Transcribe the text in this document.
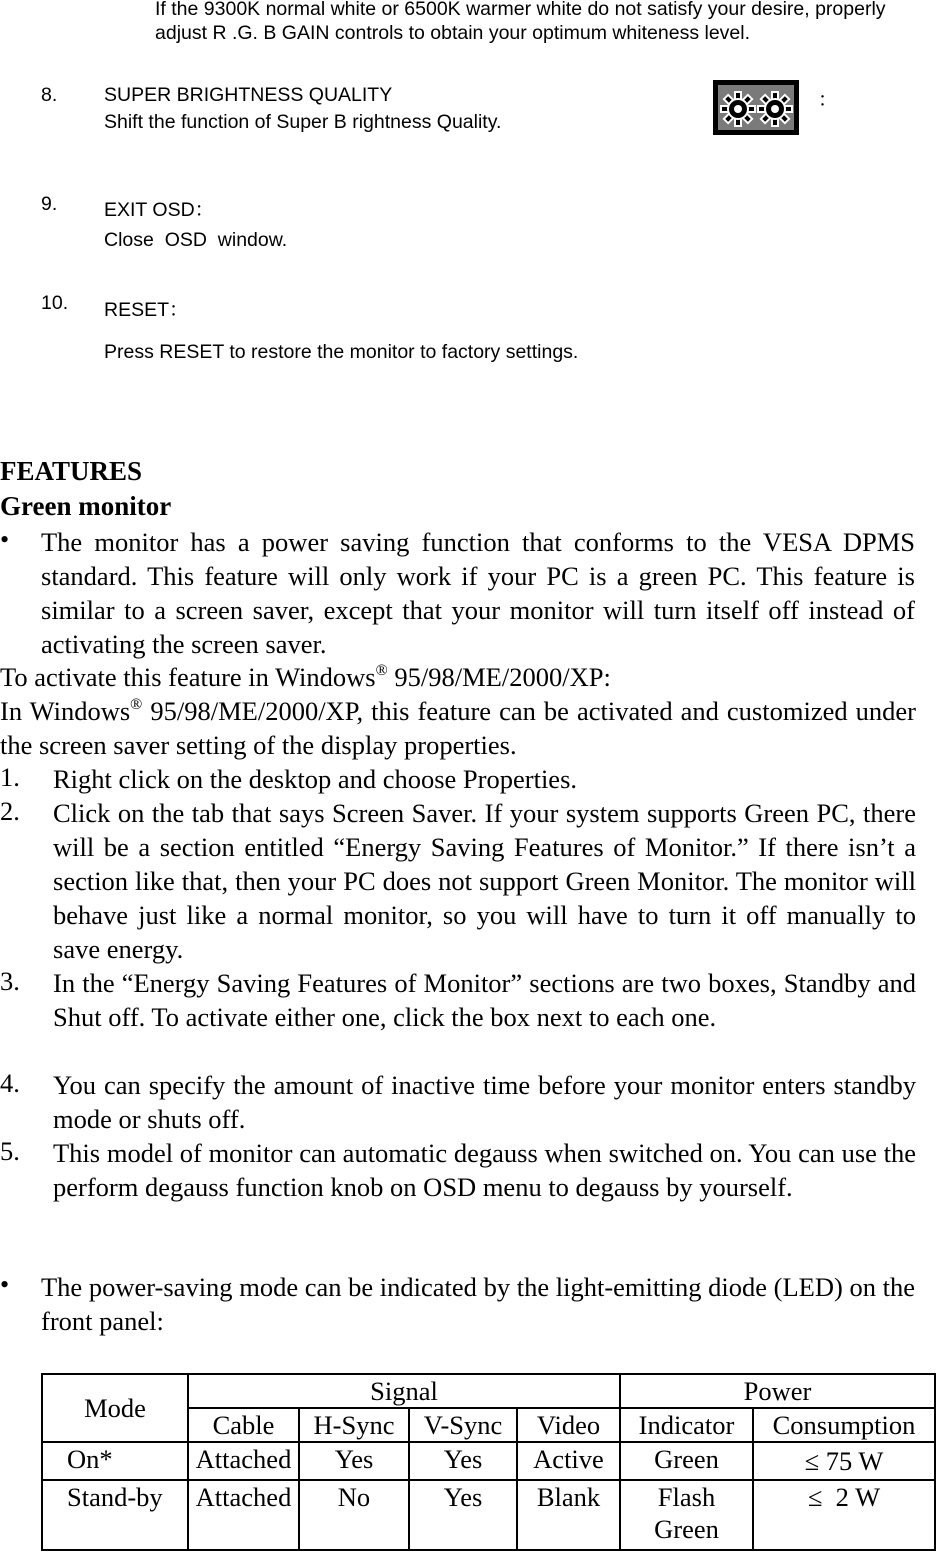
If the 9300K normal white or 6500K warmer white do not satisfy your desire, properly adjust R .G. B GAIN controls to obtain your optimum whiteness level.
8. SUPER BRIGHTNESS QUALITY
Shift the function of Super B rightness Quality.
：
9. EXIT OSD：
Close  OSD  window.
10. RESET：
Press RESET to restore the monitor to factory settings.
FEATURES
Green monitor
• The monitor has a power saving function that conforms to the VESA DPMS standard. This feature will only work if your PC is a green PC. This feature is similar to a screen saver, except that your monitor will turn itself off instead of activating the screen saver.
To activate this feature in Windows® 95/98/ME/2000/XP:
In Windows® 95/98/ME/2000/XP, this feature can be activated and customized under the screen saver setting of the display properties.
1. Right click on the desktop and choose Properties.
2. Click on the tab that says Screen Saver. If your system supports Green PC, there will be a section entitled “Energy Saving Features of Monitor.” If there isn’t a section like that, then your PC does not support Green Monitor. The monitor will behave just like a normal monitor, so you will have to turn it off manually to save energy.
3. In the “Energy Saving Features of Monitor” sections are two boxes, Standby and Shut off. To activate either one, click the box next to each one.
4. You can specify the amount of inactive time before your monitor enters standby mode or shuts off.
5. This model of monitor can automatic degauss when switched on. You can use the perform degauss function knob on OSD menu to degauss by yourself.
• The power-saving mode can be indicated by the light-emitting diode (LED) on the front panel:
Mode	Signal				Power	
	Cable	H-Sync	V-Sync	Video	Indicator	Consumption
On*	Attached	Yes	Yes	Active	Green	≤ 75 W
Stand-by	Attached	No	Yes	Blank	Flash Green	≤  2 W
